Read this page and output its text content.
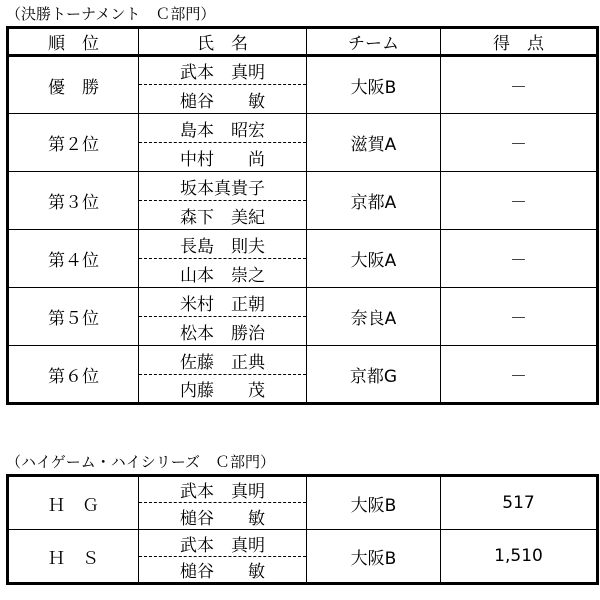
（決勝トーナメント　Ｃ部門）
順　位	氏　名	チーム	得　点
優　勝	武本　真明	大阪B	－
	槌谷　　敏		
第２位	島本　昭宏	滋賀A	－
	中村　　尚		
第３位	坂本真貴子	京都A	－
	森下　美紀		
第４位	長島　則夫	大阪A	－
	山本　崇之		
第５位	米村　正朝	奈良A	－
	松本　勝治		
第６位	佐藤　正典	京都G	－
	内藤　　茂		
（ハイゲーム・ハイシリーズ　Ｃ部門）
Ｈ　Ｇ	武本　真明	大阪B	517
	槌谷　　敏		
Ｈ　Ｓ	武本　真明	大阪B	1,510
	槌谷　　敏		
